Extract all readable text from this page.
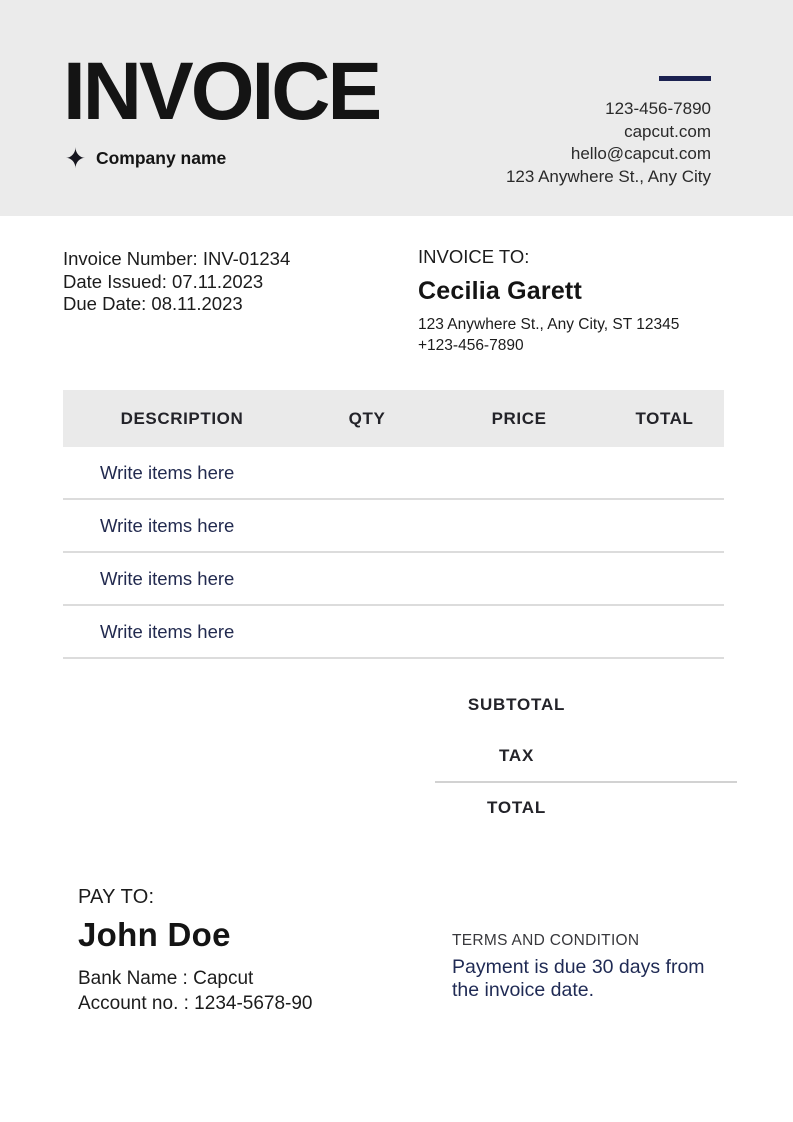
INVOICE
✦ Company name
123-456-7890
capcut.com
hello@capcut.com
123 Anywhere St., Any City
Invoice Number: INV-01234
Date Issued: 07.11.2023
Due Date: 08.11.2023
INVOICE TO:
Cecilia Garett
123 Anywhere St., Any City, ST 12345
+123-456-7890
DESCRIPTION	QTY	PRICE	TOTAL
Write items here
Write items here
Write items here
Write items here
SUBTOTAL
TAX
TOTAL
PAY TO:
John Doe
Bank Name : Capcut
Account no. : 1234-5678-90
TERMS AND CONDITION
Payment is due 30 days from the invoice date.
